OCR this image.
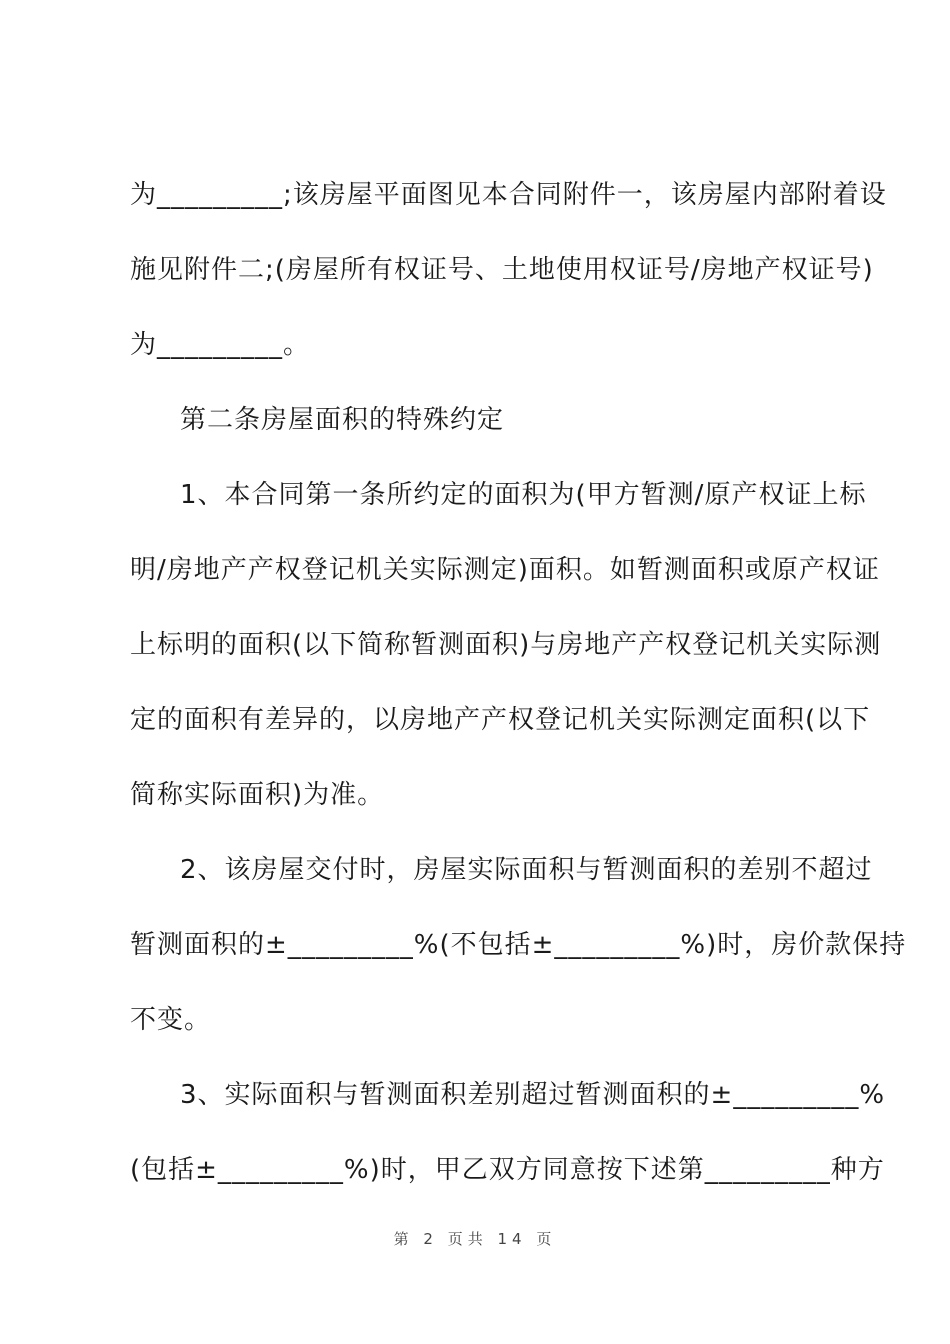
为_________;该房屋平面图见本合同附件一，该房屋内部附着设
施见附件二;(房屋所有权证号、土地使用权证号/房地产权证号)
为_________。
第二条房屋面积的特殊约定
1、本合同第一条所约定的面积为(甲方暂测/原产权证上标
明/房地产产权登记机关实际测定)面积。如暂测面积或原产权证
上标明的面积(以下简称暂测面积)与房地产产权登记机关实际测
定的面积有差异的，以房地产产权登记机关实际测定面积(以下
简称实际面积)为准。
2、该房屋交付时，房屋实际面积与暂测面积的差别不超过
暂测面积的±_________%(不包括±_________%)时，房价款保持
不变。
3、实际面积与暂测面积差别超过暂测面积的±_________%
(包括±_________%)时，甲乙双方同意按下述第_________种方
第 2 页共 14 页
